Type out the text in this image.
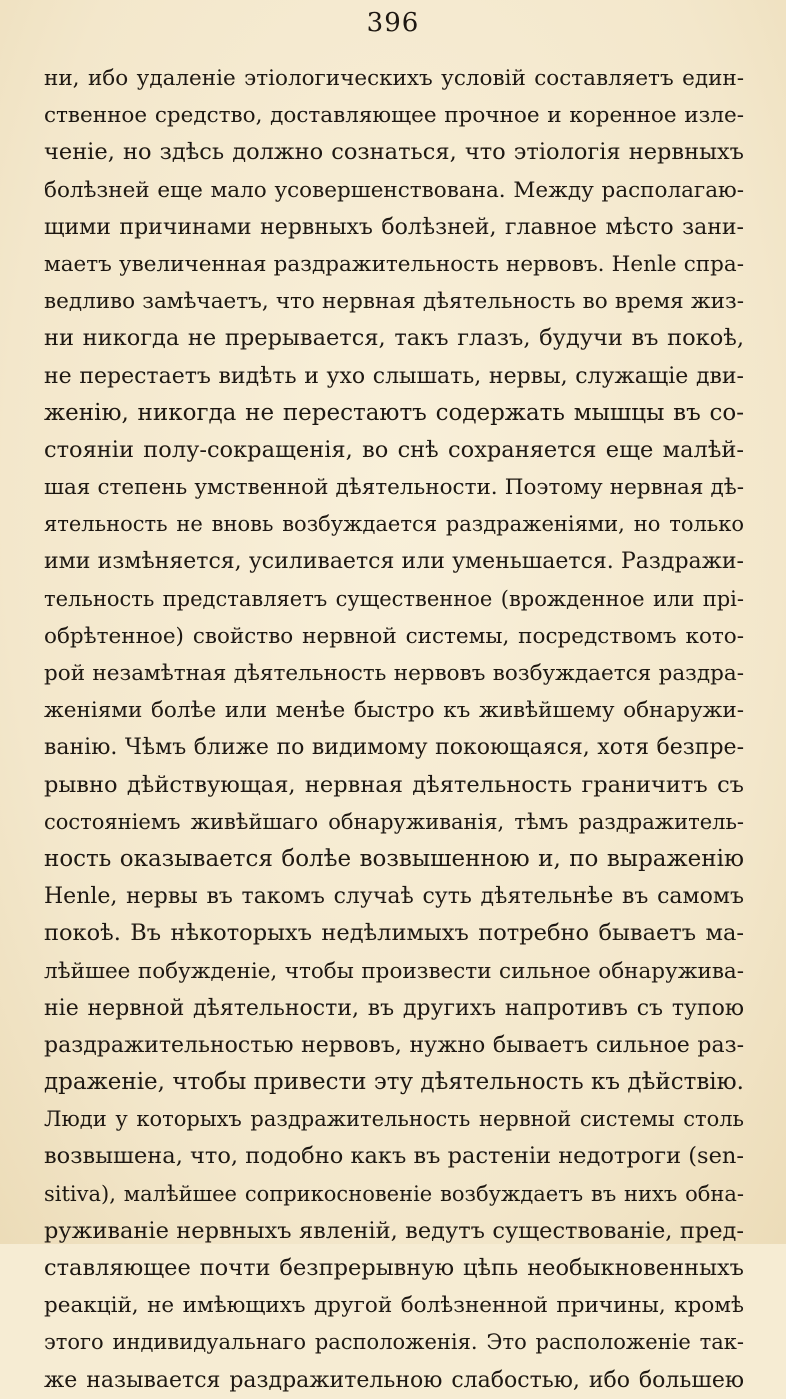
396
ни, ибо удаленіе этіологическихъ условій составляетъ един-
ственное средство, доставляющее прочное и коренное изле-
ченіе, но здѣсь должно сознаться, что этіологія нервныхъ
болѣзней еще мало усовершенствована. Между располагаю-
щими причинами нервныхъ болѣзней, главное мѣсто зани-
маетъ увеличенная раздражительность нервовъ. Henle спра-
ведливо замѣчаетъ, что нервная дѣятельность во время жиз-
ни никогда не прерывается, такъ глазъ, будучи въ покоѣ,
не перестаетъ видѣть и ухо слышать, нервы, служащіе дви-
женію, никогда не перестаютъ содержать мышцы въ со-
стояніи полу-сокращенія, во снѣ сохраняется еще малѣй-
шая степень умственной дѣятельности. Поэтому нервная дѣ-
ятельность не вновь возбуждается раздраженіями, но только
ими измѣняется, усиливается или уменьшается. Раздражи-
тельность представляетъ существенное (врожденное или прі-
обрѣтенное) свойство нервной системы, посредствомъ кото-
рой незамѣтная дѣятельность нервовъ возбуждается раздра-
женіями болѣе или менѣе быстро къ живѣйшему обнаружи-
ванію. Чѣмъ ближе по видимому покоющаяся, хотя безпре-
рывно дѣйствующая, нервная дѣятельность граничитъ съ
состояніемъ живѣйшаго обнаруживанія, тѣмъ раздражитель-
ность оказывается болѣе возвышенною и, по выраженію
Henle, нервы въ такомъ случаѣ суть дѣятельнѣе въ самомъ
покоѣ. Въ нѣкоторыхъ недѣлимыхъ потребно бываетъ ма-
лѣйшее побужденіе, чтобы произвести сильное обнаружива-
ніе нервной дѣятельности, въ другихъ напротивъ съ тупою
раздражительностью нервовъ, нужно бываетъ сильное раз-
драженіе, чтобы привести эту дѣятельность къ дѣйствію.
Люди у которыхъ раздражительность нервной системы столь
возвышена, что, подобно какъ въ растеніи недотроги (sen-
sitiva), малѣйшее соприкосновеніе возбуждаетъ въ нихъ обна-
руживаніе нервныхъ явленій, ведутъ существованіе, пред-
ставляющее почти безпрерывную цѣпь необыкновенныхъ
реакцій, не имѣющихъ другой болѣзненной причины, кромѣ
этого индивидуальнаго расположенія. Это расположеніе так-
же называется раздражительною слабостью, ибо большею
